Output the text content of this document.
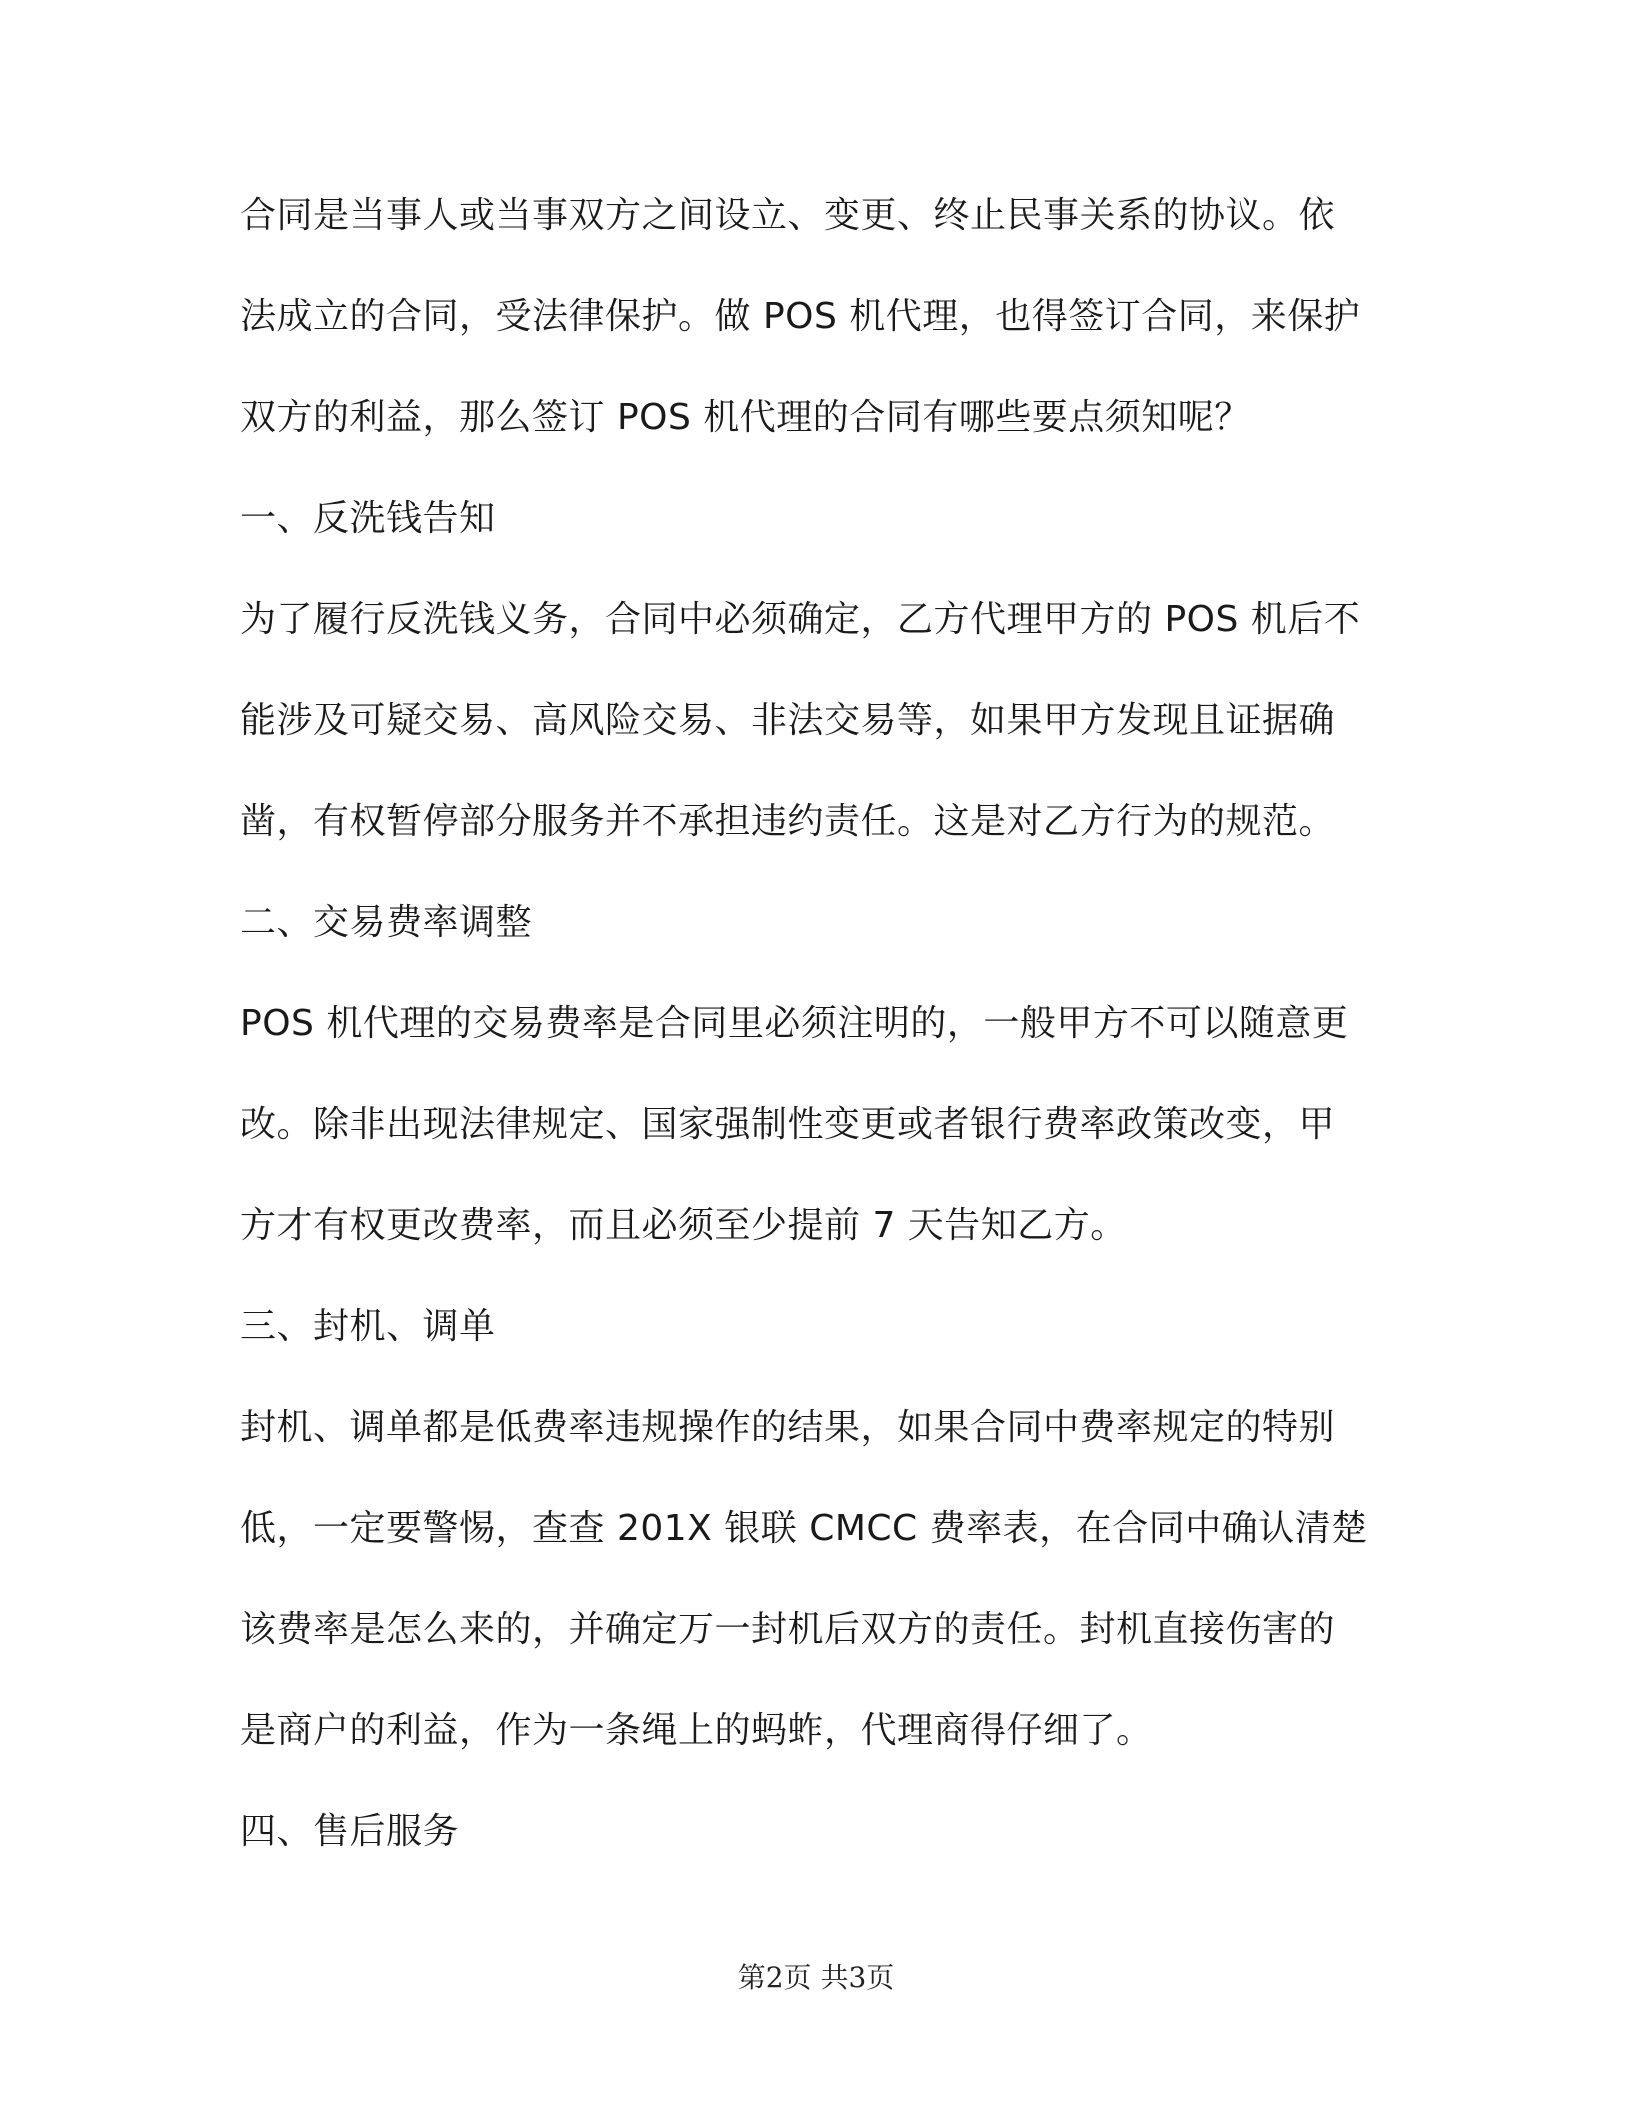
合同是当事人或当事双方之间设立、变更、终止民事关系的协议。依
法成立的合同，受法律保护。做 POS 机代理，也得签订合同，来保护
双方的利益，那么签订 POS 机代理的合同有哪些要点须知呢？
一、反洗钱告知
为了履行反洗钱义务，合同中必须确定，乙方代理甲方的 POS 机后不
能涉及可疑交易、高风险交易、非法交易等，如果甲方发现且证据确
凿，有权暂停部分服务并不承担违约责任。这是对乙方行为的规范。
二、交易费率调整
POS 机代理的交易费率是合同里必须注明的，一般甲方不可以随意更
改。除非出现法律规定、国家强制性变更或者银行费率政策改变，甲
方才有权更改费率，而且必须至少提前 7 天告知乙方。
三、封机、调单
封机、调单都是低费率违规操作的结果，如果合同中费率规定的特别
低，一定要警惕，查查 201X 银联 CMCC 费率表，在合同中确认清楚
该费率是怎么来的，并确定万一封机后双方的责任。封机直接伤害的
是商户的利益，作为一条绳上的蚂蚱，代理商得仔细了。
四、售后服务
第2页 共3页
